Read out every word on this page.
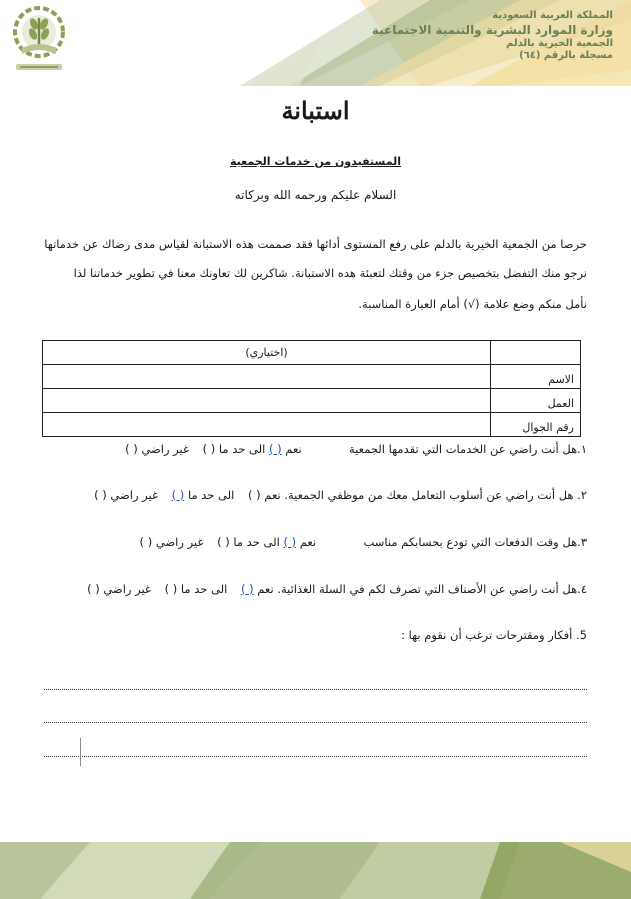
المملكة العربية السعودية
وزارة الموارد البشرية والتنمية الاجتماعية
الجمعية الخيرية بالدلم
مسجلة بالرقم (٦٤)
استبانة
المستفيدون من خدمات الجمعية
السلام عليكم ورحمه الله وبركاته
حرصا من الجمعية الخيرية بالدلم على رفع المستوى أدائها فقد صممت هذه الاستبانة لقياس مدى رضاك عن خدماتها
نرجو منك التفضل بتخصيص جزء من وقتك لتعبئة هده الاستبانة. شاكرين لك تعاونك معنا في تطوير خدماتنا لذا
نأمل منكم وضع علامة (√) أمام العبارة المناسبة.
	(اختياري)
الاسم	
العمل	
رقم الجوال	
١.هل أنت راضي عن الخدمات التي تقدمها الجمعية  نعم ( ) الى حد ما ( ) غير راضي ( )
٢. هل أنت راضي عن أسلوب التعامل معك من موظفي الجمعية. نعم ( ) الى حد ما ( ) غير راضي ( )
٣.هل وقت الدفعات التي تودع بحسابكم مناسب  نعم ( ) الى حد ما ( ) غير راضي ( )
٤.هل أنت راضي عن الأصناف التي تصرف لكم في السلة الغذائية. نعم ( ) الى حد ما ( ) غير راضي ( )
5. أفكار ومقترحات ترغب أن نقوم بها :
